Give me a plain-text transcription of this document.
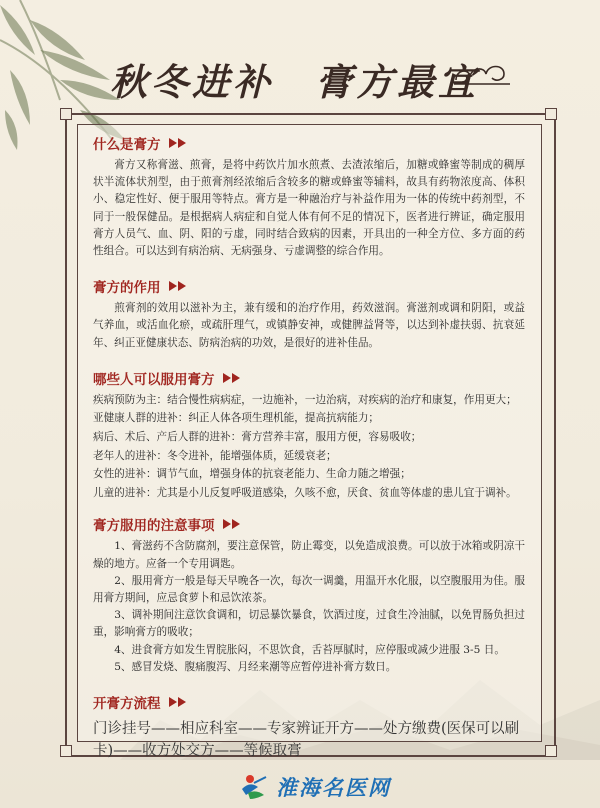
秋冬进补　膏方最宜
什么是膏方

膏方又称膏滋、煎膏，是将中药饮片加水煎煮、去渣浓缩后，加糖或蜂蜜等制成的稠厚状半流体状剂型，由于煎膏剂经浓缩后含较多的糖或蜂蜜等辅料，故具有药物浓度高、体积小、稳定性好、便于服用等特点。膏方是一种融治疗与补益作用为一体的传统中药剂型，不同于一般保健品。是根据病人病症和自觉人体有何不足的情况下，医者进行辨证，确定服用膏方人员气、血、阴、阳的亏虚，同时结合致病的因素，开具出的一种全方位、多方面的药性组合。可以达到有病治病、无病强身、亏虚调整的综合作用。

膏方的作用

煎膏剂的效用以滋补为主，兼有缓和的治疗作用，药效滋润。膏滋剂或调和阴阳，或益气养血，或活血化瘀，或疏肝理气，或镇静安神，或健脾益肾等，以达到补虚扶弱、抗衰延年、纠正亚健康状态、防病治病的功效，是很好的进补佳品。

哪些人可以服用膏方

疾病预防为主：结合慢性病病症，一边施补，一边治病，对疾病的治疗和康复，作用更大；

亚健康人群的进补：纠正人体各项生理机能，提高抗病能力；

病后、术后、产后人群的进补：膏方营养丰富，服用方便，容易吸收；

老年人的进补：冬令进补，能增强体质，延缓衰老；

女性的进补：调节气血，增强身体的抗衰老能力、生命力随之增强；

儿童的进补：尤其是小儿反复呼吸道感染，久咳不愈，厌食、贫血等体虚的患儿宜于调补。

膏方服用的注意事项

1、膏滋药不含防腐剂，要注意保管，防止霉变，以免造成浪费。可以放于冰箱或阴凉干燥的地方。应备一个专用调匙。

2、服用膏方一般是每天早晚各一次，每次一调羹，用温开水化服，以空腹服用为佳。服用膏方期间，应忌食萝卜和忌饮浓茶。

3、调补期间注意饮食调和，切忌暴饮暴食，饮酒过度，过食生冷油腻，以免胃肠负担过重，影响膏方的吸收；

4、进食膏方如发生胃脘胀闷，不思饮食，舌苔厚腻时，应停服或减少进服 3-5 日。

5、感冒发烧、腹痛腹泻、月经来潮等应暂停进补膏方数日。

开膏方流程

门诊挂号——相应科室——专家辨证开方——处方缴费(医保可以刷卡)——收方处交方——等候取膏

淮海名医网
